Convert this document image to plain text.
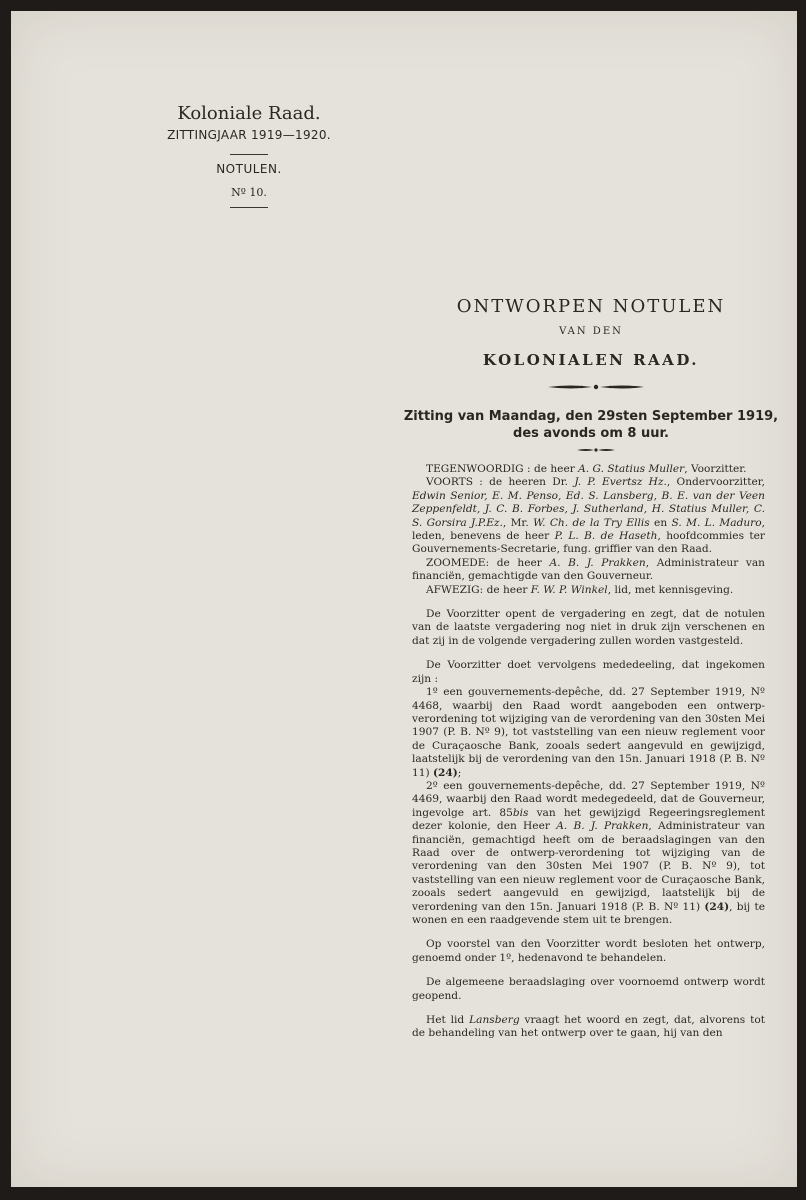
Koloniale Raad.
ZITTINGJAAR 1919—1920.
NOTULEN.
Nº 10.
ONTWORPEN NOTULEN
VAN DEN
KOLONIALEN RAAD.
Zitting van Maandag, den 29sten September 1919,
des avonds om 8 uur.

TEGENWOORDIG : de heer A. G. Statius Muller, Voorzitter.

VOORTS : de heeren Dr. J. P. Evertsz Hz., Ondervoorzitter, Edwin Senior, E. M. Penso, Ed. S. Lansberg, B. E. van der Veen Zeppenfeldt, J. C. B. Forbes, J. Sutherland, H. Statius Muller, C. S. Gorsira J.P.Ez., Mr. W. Ch. de la Try Ellis en S. M. L. Maduro, leden, benevens de heer P. L. B. de Haseth, hoofdcommies ter Gouvernements-Secretarie, fung. griffier van den Raad.

ZOOMEDE: de heer A. B. J. Prakken, Administrateur van financiën, gemachtigde van den Gouverneur.

AFWEZIG: de heer F. W. P. Winkel, lid, met kennisgeving.

De Voorzitter opent de vergadering en zegt, dat de notulen van de laatste vergadering nog niet in druk zijn verschenen en dat zij in de volgende vergadering zullen worden vastgesteld.

De Voorzitter doet vervolgens mededeeling, dat ingekomen zijn :

1º een gouvernements-depêche, dd. 27 September 1919, Nº 4468, waarbij den Raad wordt aangeboden een ontwerp-verordening tot wijziging van de verordening van den 30sten Mei 1907 (P. B. Nº 9), tot vaststelling van een nieuw reglement voor de Curaçaosche Bank, zooals sedert aangevuld en gewijzigd, laatstelijk bij de verordening van den 15n. Januari 1918 (P. B. Nº 11) (24);

2º een gouvernements-depêche, dd. 27 September 1919, Nº 4469, waarbij den Raad wordt medegedeeld, dat de Gouverneur, ingevolge art. 85bis van het gewijzigd Regeeringsreglement dezer kolonie, den Heer A. B. J. Prakken, Administrateur van financiën, gemachtigd heeft om de beraadslagingen van den Raad over de ontwerp-verordening tot wijziging van de verordening van den 30sten Mei 1907 (P. B. Nº 9), tot vaststelling van een nieuw reglement voor de Curaçaosche Bank, zooals sedert aangevuld en gewijzigd, laatstelijk bij de verordening van den 15n. Januari 1918 (P. B. Nº 11) (24), bij te wonen en een raadgevende stem uit te brengen.

Op voorstel van den Voorzitter wordt besloten het ontwerp, genoemd onder 1º, hedenavond te behandelen.

De algemeene beraadslaging over voornoemd ontwerp wordt geopend.

Het lid Lansberg vraagt het woord en zegt, dat, alvorens tot de behandeling van het ontwerp over te gaan, hij van den
